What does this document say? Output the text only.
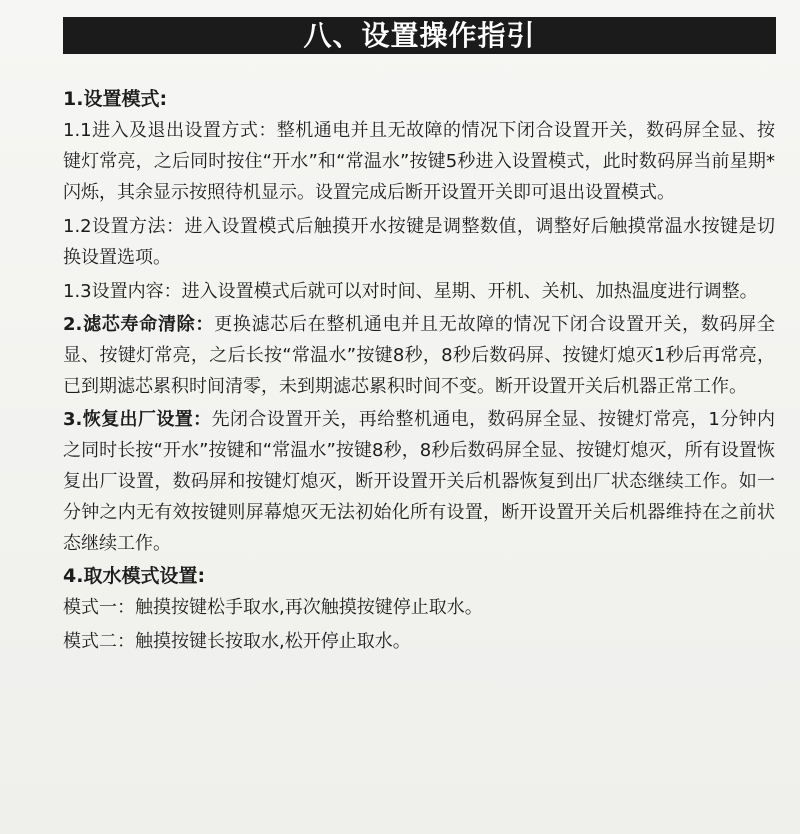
八、设置操作指引

1.设置模式:

1.1进入及退出设置方式：整机通电并且无故障的情况下闭合设置开关，数码屏全显、按键灯常亮，之后同时按住“开水”和“常温水”按键5秒进入设置模式，此时数码屏当前星期*闪烁，其余显示按照待机显示。设置完成后断开设置开关即可退出设置模式。

1.2设置方法：进入设置模式后触摸开水按键是调整数值，调整好后触摸常温水按键是切换设置选项。

1.3设置内容：进入设置模式后就可以对时间、星期、开机、关机、加热温度进行调整。

2.滤芯寿命清除：更换滤芯后在整机通电并且无故障的情况下闭合设置开关，数码屏全显、按键灯常亮，之后长按“常温水”按键8秒，8秒后数码屏、按键灯熄灭1秒后再常亮，已到期滤芯累积时间清零，未到期滤芯累积时间不变。断开设置开关后机器正常工作。

3.恢复出厂设置：先闭合设置开关，再给整机通电，数码屏全显、按键灯常亮，1分钟内之同时长按“开水”按键和“常温水”按键8秒，8秒后数码屏全显、按键灯熄灭，所有设置恢复出厂设置，数码屏和按键灯熄灭，断开设置开关后机器恢复到出厂状态继续工作。如一分钟之内无有效按键则屏幕熄灭无法初始化所有设置，断开设置开关后机器维持在之前状态继续工作。

4.取水模式设置:

模式一：触摸按键松手取水,再次触摸按键停止取水。

模式二：触摸按键长按取水,松开停止取水。
